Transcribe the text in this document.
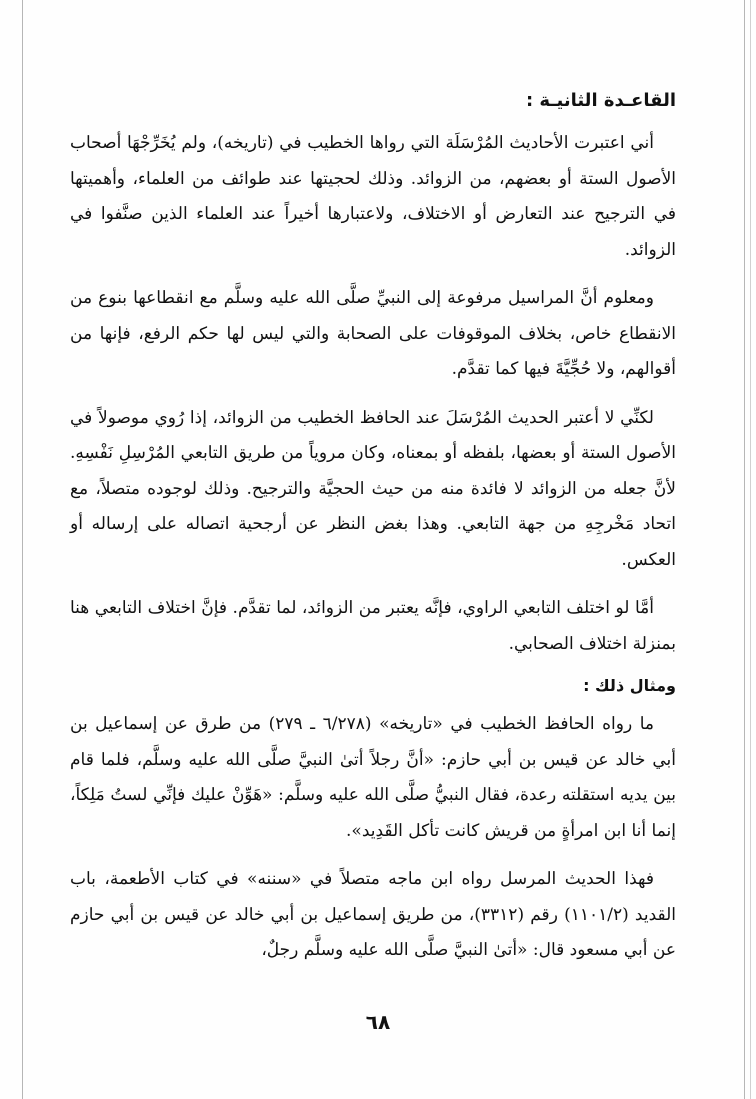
القاعـدة الثانيـة :

أني اعتبرت الأحاديث المُرْسَلَة التي رواها الخطيب في (تاريخه)، ولم يُخَرِّجْهَا أصحاب الأصول الستة أو بعضهم، من الزوائد. وذلك لحجيتها عند طوائف من العلماء، وأهميتها في الترجيح عند التعارض أو الاختلاف، ولاعتبارها أخيراً عند العلماء الذين صنَّفوا في الزوائد.

ومعلوم أنَّ المراسيل مرفوعة إلى النبيِّ صلَّى الله عليه وسلَّم مع انقطاعها بنوع من الانقطاع خاص، بخلاف الموقوفات على الصحابة والتي ليس لها حكم الرفع، فإنها من أقوالهم، ولا حُجِّيَّةَ فيها كما تقدَّم.

لكنِّي لا أعتبر الحديث المُرْسَلَ عند الحافظ الخطيب من الزوائد، إذا رُوي موصولاً في الأصول الستة أو بعضها، بلفظه أو بمعناه، وكان مروياً من طريق التابعي المُرْسِلِ نَفْسِهِ. لأنَّ جعله من الزوائد لا فائدة منه من حيث الحجيَّة والترجيح. وذلك لوجوده متصلاً، مع اتحاد مَخْرجِهِ من جهة التابعي. وهذا بغض النظر عن أرجحية اتصاله على إرساله أو العكس.

أمَّا لو اختلف التابعي الراوي، فإنَّه يعتبر من الزوائد، لما تقدَّم. فإنَّ اختلاف التابعي هنا بمنزلة اختلاف الصحابي.

ومثال ذلك :

ما رواه الحافظ الخطيب في «تاريخه» (٦/٢٧٨ ـ ٢٧٩) من طرق عن إسماعيل بن أبي خالد عن قيس بن أبي حازم: «أنَّ رجلاً أتىٰ النبيَّ صلَّى الله عليه وسلَّم، فلما قام بين يديه استقلته رعدة، فقال النبيُّ صلَّى الله عليه وسلَّم: «هَوِّنْ عليك فإنِّي لستُ مَلِكاً، إنما أنا ابن امرأةٍ من قريش كانت تأكل القَدِيد».

فهذا الحديث المرسل رواه ابن ماجه متصلاً في «سننه» في كتاب الأطعمة، باب القديد (١١٠١/٢) رقم (٣٣١٢)، من طريق إسماعيل بن أبي خالد عن قيس بن أبي حازم عن أبي مسعود قال: «أتىٰ النبيَّ صلَّى الله عليه وسلَّم رجلٌ،

٦٨
